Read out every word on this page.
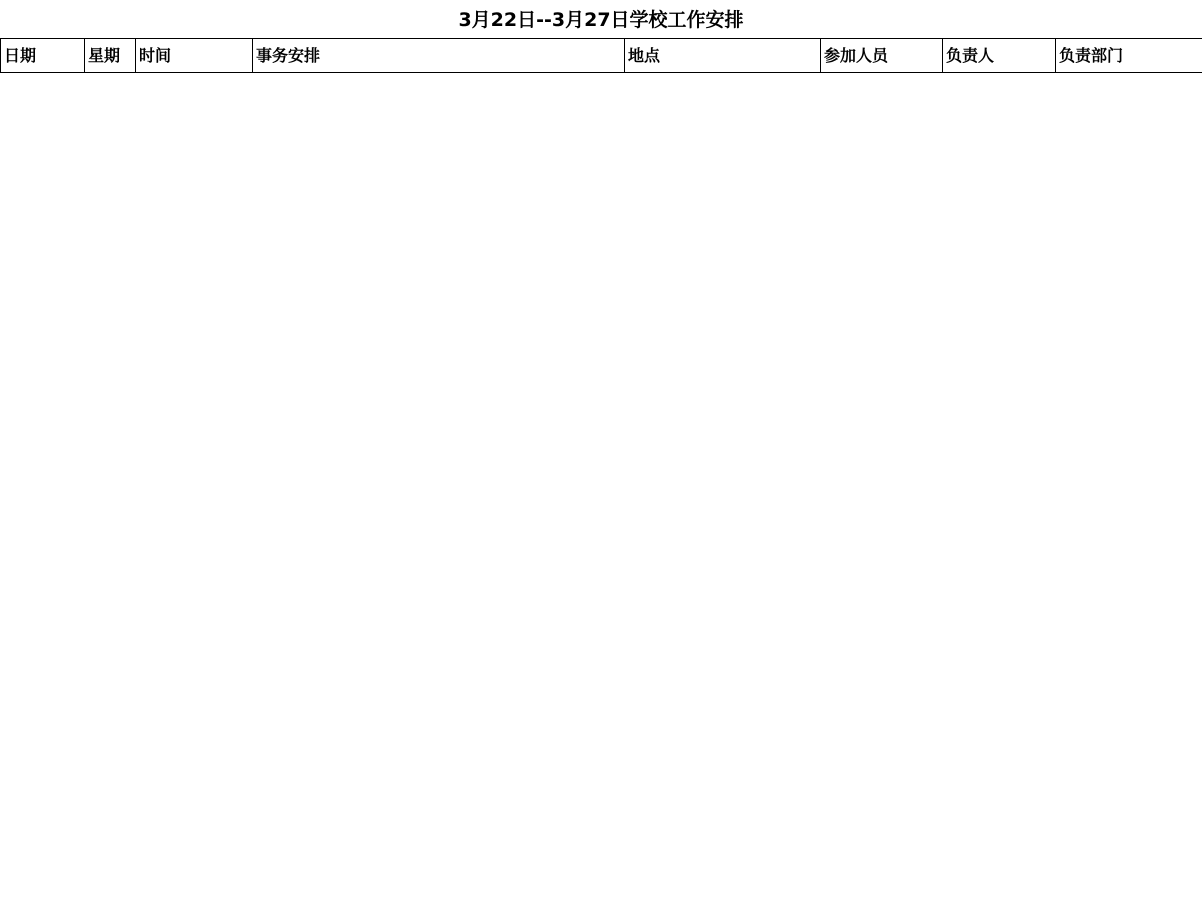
3月22日--3月27日学校工作安排
日期	星期	时间	事务安排	地点	参加人员	负责人	负责部门
